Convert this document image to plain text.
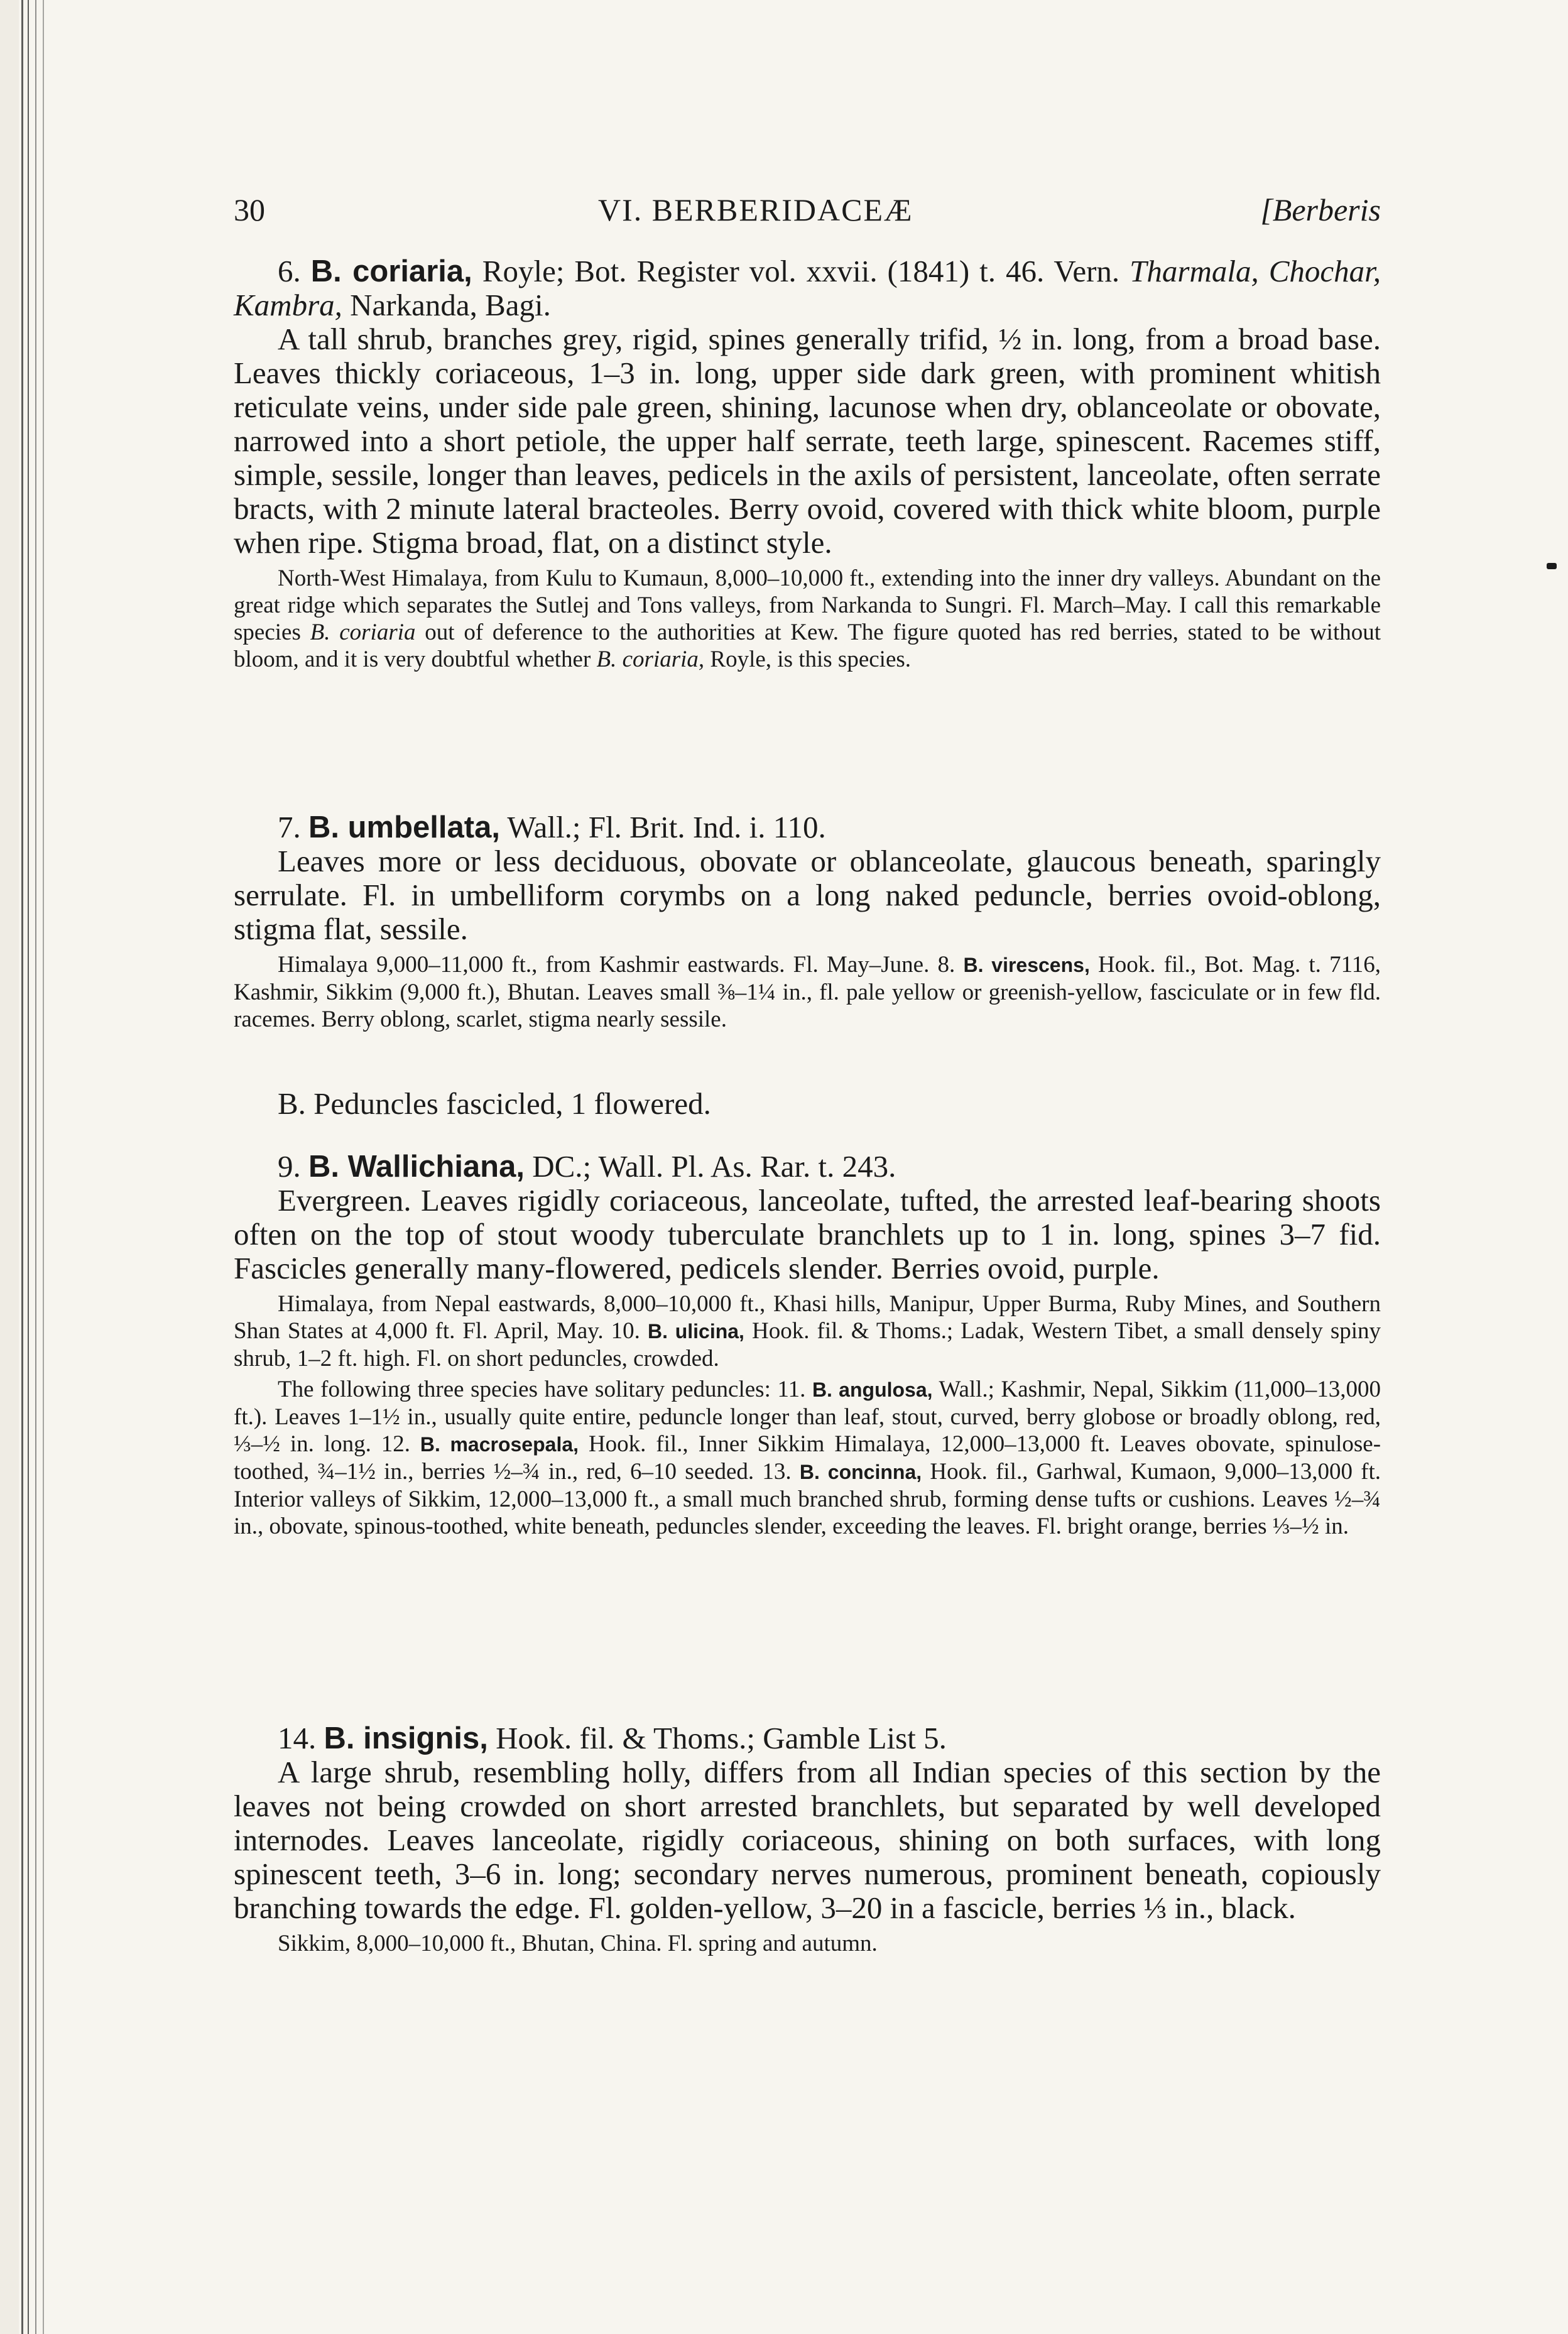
30	VI. BERBERIDACEÆ	[Berberis

6. B. coriaria, Royle; Bot. Register vol. xxvii. (1841) t. 46. Vern. Tharmala, Chochar, Kambra, Narkanda, Bagi.

A tall shrub, branches grey, rigid, spines generally trifid, ½ in. long, from a broad base. Leaves thickly coriaceous, 1–3 in. long, upper side dark green, with prominent whitish reticulate veins, under side pale green, shining, lacunose when dry, oblanceolate or obovate, narrowed into a short petiole, the upper half serrate, teeth large, spinescent. Racemes stiff, simple, sessile, longer than leaves, pedicels in the axils of persistent, lanceolate, often serrate bracts, with 2 minute lateral bracteoles. Berry ovoid, covered with thick white bloom, purple when ripe. Stigma broad, flat, on a distinct style.

North-West Himalaya, from Kulu to Kumaun, 8,000–10,000 ft., extending into the inner dry valleys. Abundant on the great ridge which separates the Sutlej and Tons valleys, from Narkanda to Sungri. Fl. March–May. I call this remarkable species B. coriaria out of deference to the authorities at Kew. The figure quoted has red berries, stated to be without bloom, and it is very doubtful whether B. coriaria, Royle, is this species.

7. B. umbellata, Wall.; Fl. Brit. Ind. i. 110.

Leaves more or less deciduous, obovate or oblanceolate, glaucous beneath, sparingly serrulate. Fl. in umbelliform corymbs on a long naked peduncle, berries ovoid-oblong, stigma flat, sessile.

Himalaya 9,000–11,000 ft., from Kashmir eastwards. Fl. May–June. 8. B. virescens, Hook. fil., Bot. Mag. t. 7116, Kashmir, Sikkim (9,000 ft.), Bhutan. Leaves small ⅜–1¼ in., fl. pale yellow or greenish-yellow, fasciculate or in few fld. racemes. Berry oblong, scarlet, stigma nearly sessile.

B. Peduncles fascicled, 1 flowered.

9. B. Wallichiana, DC.; Wall. Pl. As. Rar. t. 243.

Evergreen. Leaves rigidly coriaceous, lanceolate, tufted, the arrested leaf-bearing shoots often on the top of stout woody tuberculate branchlets up to 1 in. long, spines 3–7 fid. Fascicles generally many-flowered, pedicels slender. Berries ovoid, purple.

Himalaya, from Nepal eastwards, 8,000–10,000 ft., Khasi hills, Manipur, Upper Burma, Ruby Mines, and Southern Shan States at 4,000 ft. Fl. April, May. 10. B. ulicina, Hook. fil. & Thoms.; Ladak, Western Tibet, a small densely spiny shrub, 1–2 ft. high. Fl. on short peduncles, crowded.

The following three species have solitary peduncles: 11. B. angulosa, Wall.; Kashmir, Nepal, Sikkim (11,000–13,000 ft.). Leaves 1–1½ in., usually quite entire, peduncle longer than leaf, stout, curved, berry globose or broadly oblong, red, ⅓–½ in. long. 12. B. macrosepala, Hook. fil., Inner Sikkim Himalaya, 12,000–13,000 ft. Leaves obovate, spinulose-toothed, ¾–1½ in., berries ½–¾ in., red, 6–10 seeded. 13. B. concinna, Hook. fil., Garhwal, Kumaon, 9,000–13,000 ft. Interior valleys of Sikkim, 12,000–13,000 ft., a small much branched shrub, forming dense tufts or cushions. Leaves ½–¾ in., obovate, spinous-toothed, white beneath, peduncles slender, exceeding the leaves. Fl. bright orange, berries ⅓–½ in.

14. B. insignis, Hook. fil. & Thoms.; Gamble List 5.

A large shrub, resembling holly, differs from all Indian species of this section by the leaves not being crowded on short arrested branchlets, but separated by well developed internodes. Leaves lanceolate, rigidly coriaceous, shining on both surfaces, with long spinescent teeth, 3–6 in. long; secondary nerves numerous, prominent beneath, copiously branching towards the edge. Fl. golden-yellow, 3–20 in a fascicle, berries ⅓ in., black.

Sikkim, 8,000–10,000 ft., Bhutan, China. Fl. spring and autumn.
